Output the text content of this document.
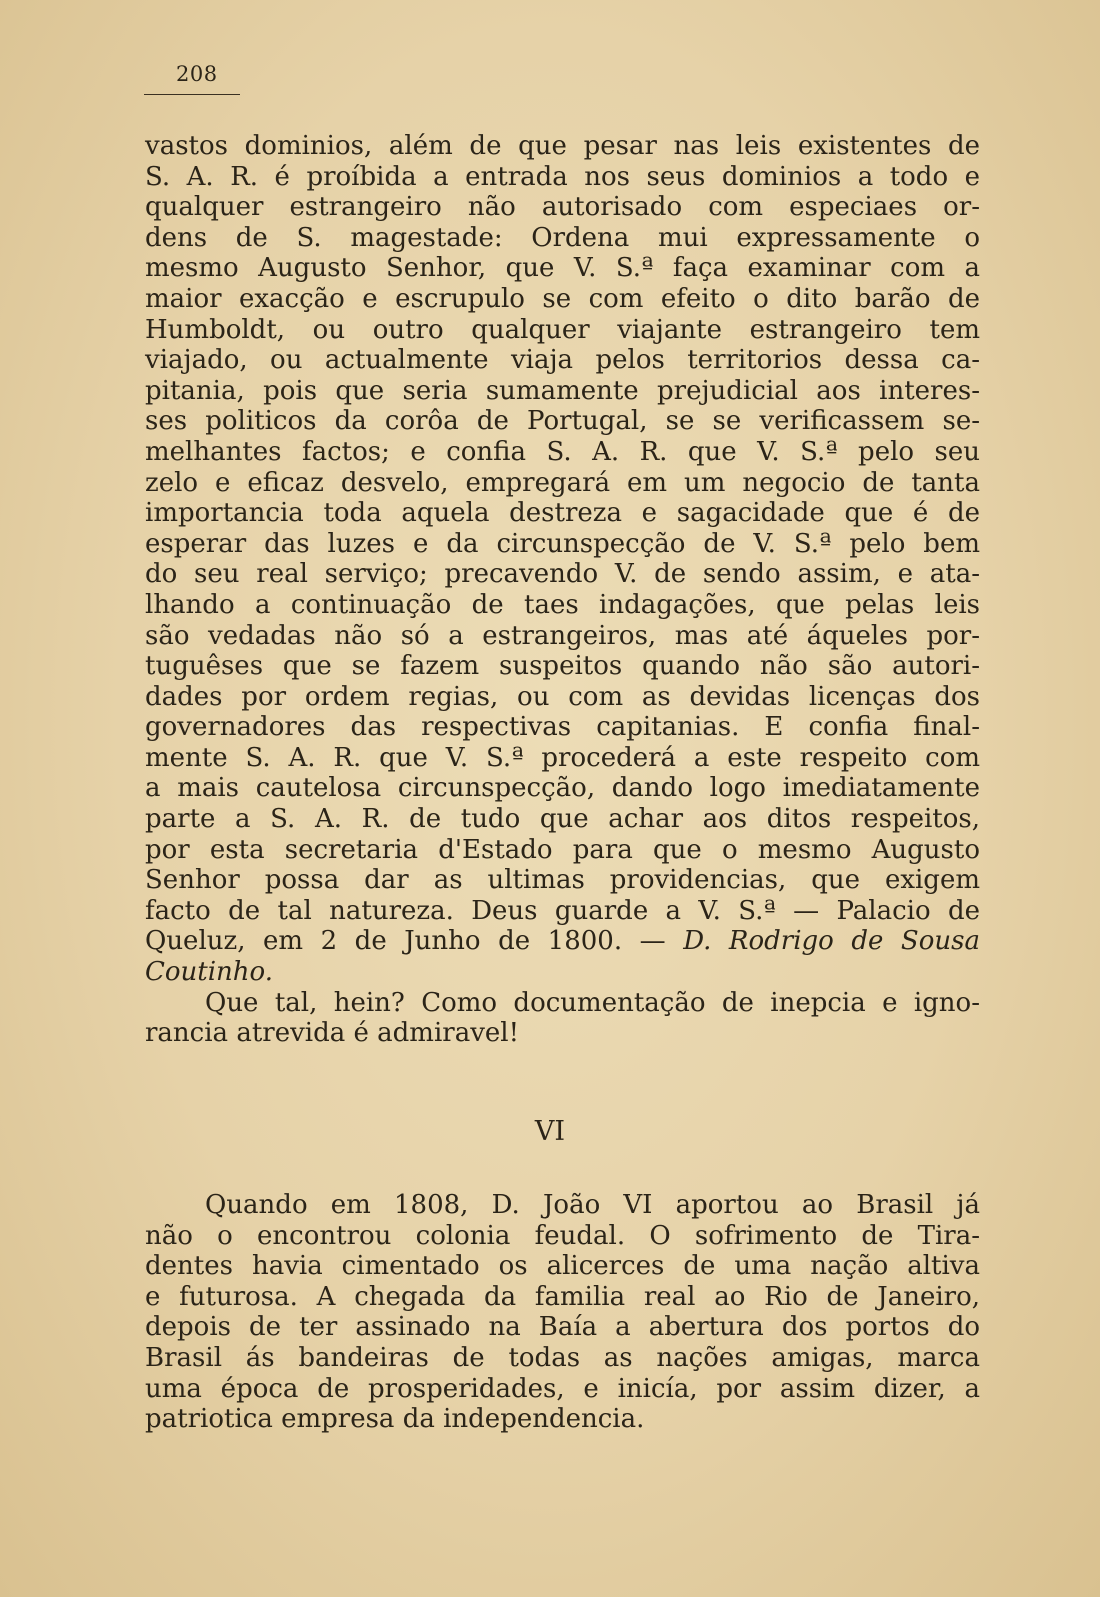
208
vastos dominios, além de que pesar nas leis existentes de
S. A. R. é proíbida a entrada nos seus dominios a todo e
qualquer estrangeiro não autorisado com especiaes or-
dens de S. magestade: Ordena mui expressamente o
mesmo Augusto Senhor, que V. S.ª faça examinar com a
maior exacção e escrupulo se com efeito o dito barão de
Humboldt, ou outro qualquer viajante estrangeiro tem
viajado, ou actualmente viaja pelos territorios dessa ca-
pitania, pois que seria sumamente prejudicial aos interes-
ses politicos da corôa de Portugal, se se verificassem se-
melhantes factos; e confia S. A. R. que V. S.ª pelo seu
zelo e eficaz desvelo, empregará em um negocio de tanta
importancia toda aquela destreza e sagacidade que é de
esperar das luzes e da circunspecção de V. S.ª pelo bem
do seu real serviço; precavendo V. de sendo assim, e ata-
lhando a continuação de taes indagações, que pelas leis
são vedadas não só a estrangeiros, mas até áqueles por-
tuguêses que se fazem suspeitos quando não são autori-
dades por ordem regias, ou com as devidas licenças dos
governadores das respectivas capitanias. E confia final-
mente S. A. R. que V. S.ª procederá a este respeito com
a mais cautelosa circunspecção, dando logo imediatamente
parte a S. A. R. de tudo que achar aos ditos respeitos,
por esta secretaria d'Estado para que o mesmo Augusto
Senhor possa dar as ultimas providencias, que exigem
facto de tal natureza. Deus guarde a V. S.ª — Palacio de
Queluz, em 2 de Junho de 1800. — D. Rodrigo de Sousa
Coutinho.
Que tal, hein? Como documentação de inepcia e igno-
rancia atrevida é admiravel!
VI
Quando em 1808, D. João VI aportou ao Brasil já
não o encontrou colonia feudal. O sofrimento de Tira-
dentes havia cimentado os alicerces de uma nação altiva
e futurosa. A chegada da familia real ao Rio de Janeiro,
depois de ter assinado na Baía a abertura dos portos do
Brasil ás bandeiras de todas as nações amigas, marca
uma época de prosperidades, e inicía, por assim dizer, a
patriotica empresa da independencia.
